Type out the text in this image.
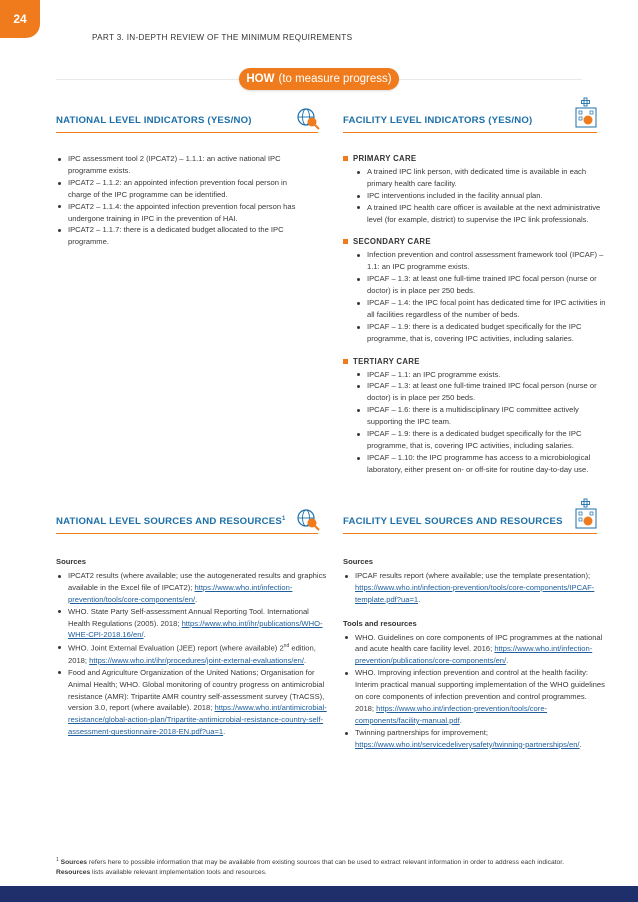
24
PART 3. IN-DEPTH REVIEW OF THE MINIMUM REQUIREMENTS
HOW (to measure progress)
NATIONAL LEVEL INDICATORS (YES/NO)	FACILITY LEVEL INDICATORS (YES/NO)
IPC assessment tool 2 (IPCAT2) – 1.1.1: an active national IPC programme exists.
IPCAT2 – 1.1.2: an appointed infection prevention focal person in charge of the IPC programme can be identified.
IPCAT2 – 1.1.4: the appointed infection prevention focal person has undergone training in IPC in the prevention of HAI.
IPCAT2 – 1.1.7: there is a dedicated budget allocated to the IPC programme.
PRIMARY CARE
A trained IPC link person, with dedicated time is available in each primary health care facility.
IPC interventions included in the facility annual plan.
A trained IPC health care officer is available at the next administrative level (for example, district) to supervise the IPC link professionals.
SECONDARY CARE
Infection prevention and control assessment framework tool (IPCAF) – 1.1: an IPC programme exists.
IPCAF – 1.3: at least one full-time trained IPC focal person (nurse or doctor) is in place per 250 beds.
IPCAF – 1.4: the IPC focal point has dedicated time for IPC activities in all facilities regardless of the number of beds.
IPCAF – 1.9: there is a dedicated budget specifically for the IPC programme, that is, covering IPC activities, including salaries.
TERTIARY CARE
IPCAF – 1.1: an IPC programme exists.
IPCAF – 1.3: at least one full-time trained IPC focal person (nurse or doctor) is in place per 250 beds.
IPCAF – 1.6: there is a multidisciplinary IPC committee actively supporting the IPC team.
IPCAF – 1.9: there is a dedicated budget specifically for the IPC programme, that is, covering IPC activities, including salaries.
IPCAF – 1.10: the IPC programme has access to a microbiological laboratory, either present on- or off-site for routine day-to-day use.
NATIONAL LEVEL SOURCES AND RESOURCES$^1$	FACILITY LEVEL SOURCES AND RESOURCES
Sources
IPCAT2 results (where available; use the autogenerated results and graphics available in the Excel file of IPCAT2); https://www.who.int/infection-prevention/tools/core-components/en/.
WHO. State Party Self-assessment Annual Reporting Tool. International Health Regulations (2005). 2018; https://www.who.int/ihr/publications/WHO-WHE-CPI-2018.16/en/.
WHO. Joint External Evaluation (JEE) report (where available) 2nd edition, 2018; https://www.who.int/ihr/procedures/joint-external-evaluations/en/.
Food and Agriculture Organization of the United Nations; Organisation for Animal Health; WHO. Global monitoring of country progress on antimicrobial resistance (AMR): Tripartite AMR country self-assessment survey (TrACSS), version 3.0, report (where available). 2018; https://www.who.int/antimicrobial-resistance/global-action-plan/Tripartite-antimicrobial-resistance-country-self-assessment-questionnaire-2018-EN.pdf?ua=1.
Sources
IPCAF results report (where available; use the template presentation); https://www.who.int/infection-prevention/tools/core-components/IPCAF-template.pdf?ua=1.
Tools and resources
WHO. Guidelines on core components of IPC programmes at the national and acute health care facility level. 2016; https://www.who.int/infection-prevention/publications/core-components/en/.
WHO. Improving infection prevention and control at the health facility: Interim practical manual supporting implementation of the WHO guidelines on core components of infection prevention and control programmes. 2018; https://www.who.int/infection-prevention/tools/core-components/facility-manual.pdf.
Twinning partnerships for improvement; https://www.who.int/servicedeliverysafety/twinning-partnerships/en/.
$^1$ Sources refers here to possible information that may be available from existing sources that can be used to extract relevant information in order to address each indicator.
Resources lists available relevant implementation tools and resources.
